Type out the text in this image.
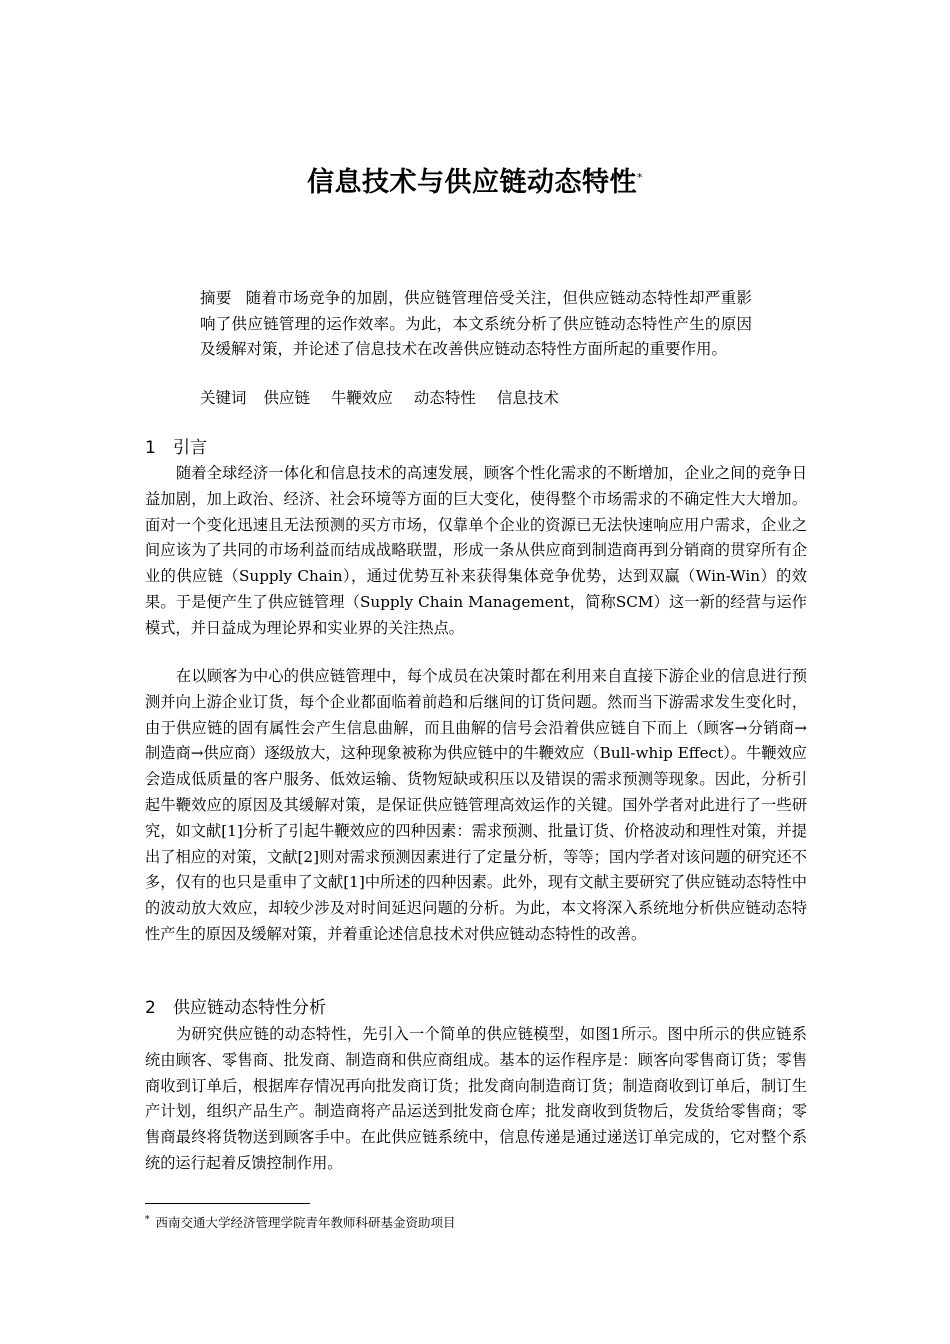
信息技术与供应链动态特性*
摘要 随着市场竞争的加剧，供应链管理倍受关注，但供应链动态特性却严重影响了供应链管理的运作效率。为此，本文系统分析了供应链动态特性产生的原因及缓解对策，并论述了信息技术在改善供应链动态特性方面所起的重要作用。
关键词 供应链 牛鞭效应 动态特性 信息技术
1 引言
随着全球经济一体化和信息技术的高速发展，顾客个性化需求的不断增加，企业之间的竞争日益加剧，加上政治、经济、社会环境等方面的巨大变化，使得整个市场需求的不确定性大大增加。面对一个变化迅速且无法预测的买方市场，仅靠单个企业的资源已无法快速响应用户需求，企业之间应该为了共同的市场利益而结成战略联盟，形成一条从供应商到制造商再到分销商的贯穿所有企业的供应链（Supply Chain），通过优势互补来获得集体竞争优势，达到双赢（Win-Win）的效果。于是便产生了供应链管理（Supply Chain Management，简称SCM）这一新的经营与运作模式，并日益成为理论界和实业界的关注热点。
在以顾客为中心的供应链管理中，每个成员在决策时都在利用来自直接下游企业的信息进行预测并向上游企业订货，每个企业都面临着前趋和后继间的订货问题。然而当下游需求发生变化时，由于供应链的固有属性会产生信息曲解，而且曲解的信号会沿着供应链自下而上（顾客→分销商→制造商→供应商）逐级放大，这种现象被称为供应链中的牛鞭效应（Bull-whip Effect）。牛鞭效应会造成低质量的客户服务、低效运输、货物短缺或积压以及错误的需求预测等现象。因此，分析引起牛鞭效应的原因及其缓解对策，是保证供应链管理高效运作的关键。国外学者对此进行了一些研究，如文献[1]分析了引起牛鞭效应的四种因素：需求预测、批量订货、价格波动和理性对策，并提出了相应的对策，文献[2]则对需求预测因素进行了定量分析，等等；国内学者对该问题的研究还不多，仅有的也只是重申了文献[1]中所述的四种因素。此外，现有文献主要研究了供应链动态特性中的波动放大效应，却较少涉及对时间延迟问题的分析。为此，本文将深入系统地分析供应链动态特性产生的原因及缓解对策，并着重论述信息技术对供应链动态特性的改善。
2 供应链动态特性分析
为研究供应链的动态特性，先引入一个简单的供应链模型，如图1所示。图中所示的供应链系统由顾客、零售商、批发商、制造商和供应商组成。基本的运作程序是：顾客向零售商订货；零售商收到订单后，根据库存情况再向批发商订货；批发商向制造商订货；制造商收到订单后，制订生产计划，组织产品生产。制造商将产品运送到批发商仓库；批发商收到货物后，发货给零售商；零售商最终将货物送到顾客手中。在此供应链系统中，信息传递是通过递送订单完成的，它对整个系统的运行起着反馈控制作用。
* 西南交通大学经济管理学院青年教师科研基金资助项目
